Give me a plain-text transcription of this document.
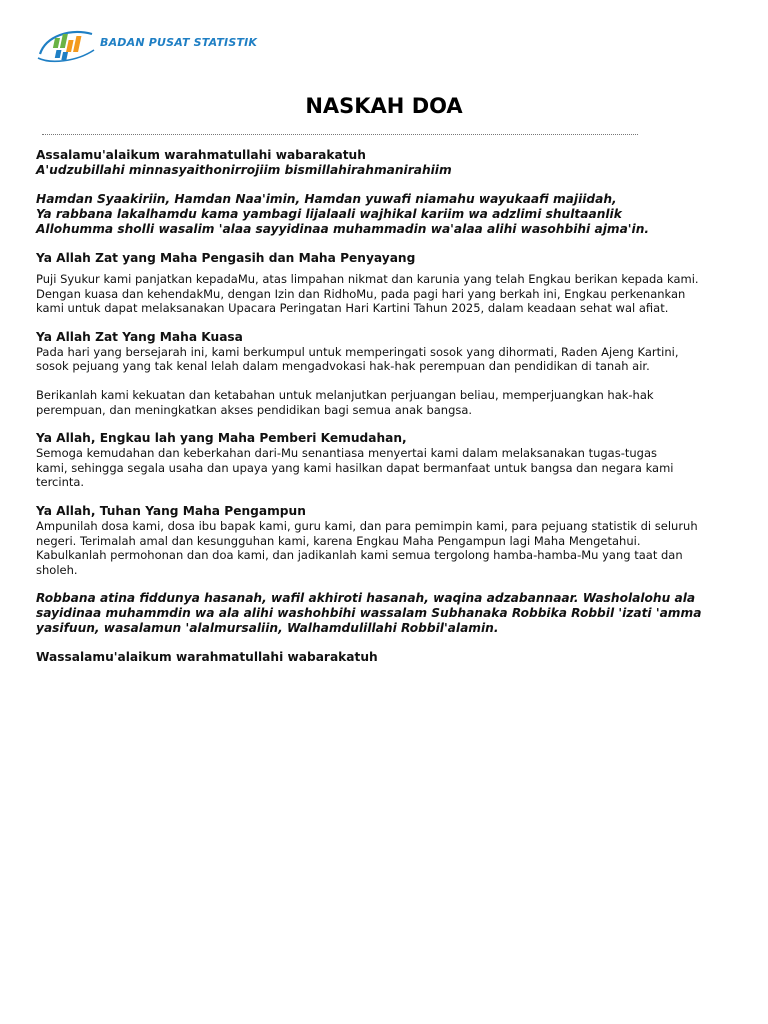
BADAN PUSAT STATISTIK
NASKAH DOA

Assalamu'alaikum warahmatullahi wabarakatuh
A'udzubillahi minnasyaithonirrojiim bismillahirahmanirahiim

Hamdan Syaakiriin, Hamdan Naa'imin, Hamdan yuwafi niamahu wayukaafi majiidah,
Ya rabbana lakalhamdu kama yambagi lijalaali wajhikal kariim wa adzlimi shultaanlik
Allohumma sholli wasalim 'alaa sayyidinaa muhammadin wa'alaa alihi wasohbihi ajma'in.

Ya Allah Zat yang Maha Pengasih dan Maha Penyayang

Puji Syukur kami panjatkan kepadaMu, atas limpahan nikmat dan karunia yang telah Engkau berikan kepada kami.
Dengan kuasa dan kehendakMu, dengan Izin dan RidhoMu, pada pagi hari yang berkah ini, Engkau perkenankan
kami untuk dapat melaksanakan Upacara Peringatan Hari Kartini Tahun 2025, dalam keadaan sehat wal afiat.

Ya Allah Zat Yang Maha Kuasa

Pada hari yang bersejarah ini, kami berkumpul untuk memperingati sosok yang dihormati, Raden Ajeng Kartini,
sosok pejuang yang tak kenal lelah dalam mengadvokasi hak-hak perempuan dan pendidikan di tanah air.

Berikanlah kami kekuatan dan ketabahan untuk melanjutkan perjuangan beliau, memperjuangkan hak-hak
perempuan, dan meningkatkan akses pendidikan bagi semua anak bangsa.

Ya Allah, Engkau lah yang Maha Pemberi Kemudahan,

Semoga kemudahan dan keberkahan dari-Mu senantiasa menyertai kami dalam melaksanakan tugas-tugas
kami, sehingga segala usaha dan upaya yang kami hasilkan dapat bermanfaat untuk bangsa dan negara kami
tercinta.

Ya Allah, Tuhan Yang Maha Pengampun

Ampunilah dosa kami, dosa ibu bapak kami, guru kami, dan para pemimpin kami, para pejuang statistik di seluruh
negeri. Terimalah amal dan kesungguhan kami, karena Engkau Maha Pengampun lagi Maha Mengetahui.
Kabulkanlah permohonan dan doa kami, dan jadikanlah kami semua tergolong hamba-hamba-Mu yang taat dan
sholeh.

Robbana atina fiddunya hasanah, wafil akhiroti hasanah, waqina adzabannaar. Washolalohu ala
sayidinaa muhammdin wa ala alihi washohbihi wassalam Subhanaka Robbika Robbil 'izati 'amma
yasifuun, wasalamun 'alalmursaliin, Walhamdulillahi Robbil'alamin.

Wassalamu'alaikum warahmatullahi wabarakatuh
